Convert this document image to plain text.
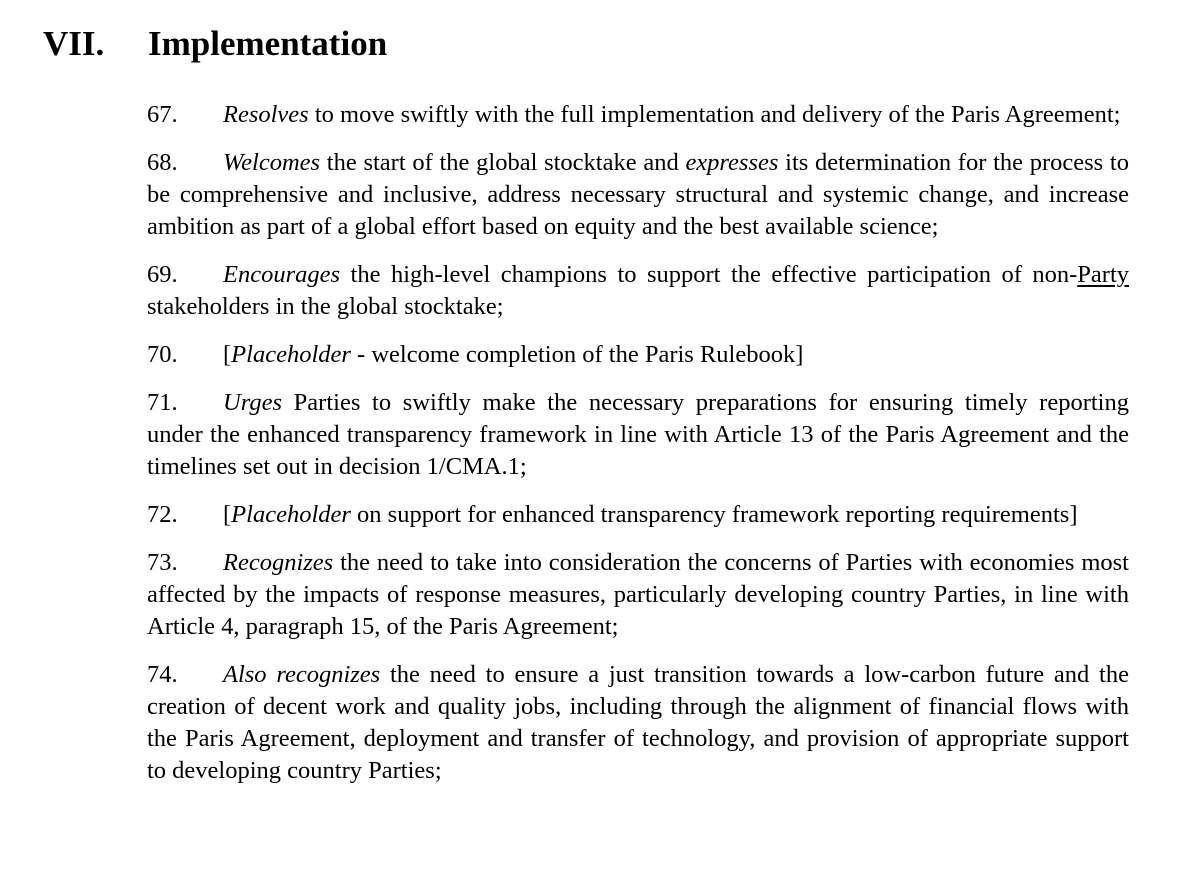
VII. Implementation

67. Resolves to move swiftly with the full implementation and delivery of the Paris Agreement;

68. Welcomes the start of the global stocktake and expresses its determination for the process to be comprehensive and inclusive, address necessary structural and systemic change, and increase ambition as part of a global effort based on equity and the best available science;

69. Encourages the high-level champions to support the effective participation of non-Party stakeholders in the global stocktake;

70. [Placeholder - welcome completion of the Paris Rulebook]

71. Urges Parties to swiftly make the necessary preparations for ensuring timely reporting under the enhanced transparency framework in line with Article 13 of the Paris Agreement and the timelines set out in decision 1/CMA.1;

72. [Placeholder on support for enhanced transparency framework reporting requirements]

73. Recognizes the need to take into consideration the concerns of Parties with economies most affected by the impacts of response measures, particularly developing country Parties, in line with Article 4, paragraph 15, of the Paris Agreement;

74. Also recognizes the need to ensure a just transition towards a low-carbon future and the creation of decent work and quality jobs, including through the alignment of financial flows with the Paris Agreement, deployment and transfer of technology, and provision of appropriate support to developing country Parties;
